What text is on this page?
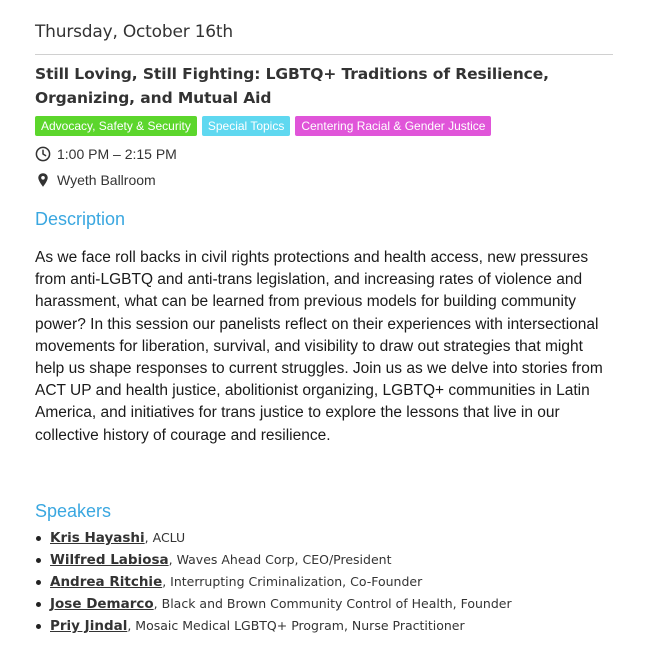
Thursday, October 16th
Still Loving, Still Fighting: LGBTQ+ Traditions of Resilience, Organizing, and Mutual Aid
Advocacy, Safety & Security	Special Topics	Centering Racial & Gender Justice
1:00 PM – 2:15 PM
Wyeth Ballroom
Description
As we face roll backs in civil rights protections and health access, new pressures from anti-LGBTQ and anti-trans legislation, and increasing rates of violence and harassment, what can be learned from previous models for building community power? In this session our panelists reflect on their experiences with intersectional movements for liberation, survival, and visibility to draw out strategies that might help us shape responses to current struggles. Join us as we delve into stories from ACT UP and health justice, abolitionist organizing, LGBTQ+ communities in Latin America, and initiatives for trans justice to explore the lessons that live in our collective history of courage and resilience.
Speakers
Kris Hayashi, ACLU
Wilfred Labiosa, Waves Ahead Corp, CEO/President
Andrea Ritchie, Interrupting Criminalization, Co-Founder
Jose Demarco, Black and Brown Community Control of Health, Founder
Priy Jindal, Mosaic Medical LGBTQ+ Program, Nurse Practitioner
